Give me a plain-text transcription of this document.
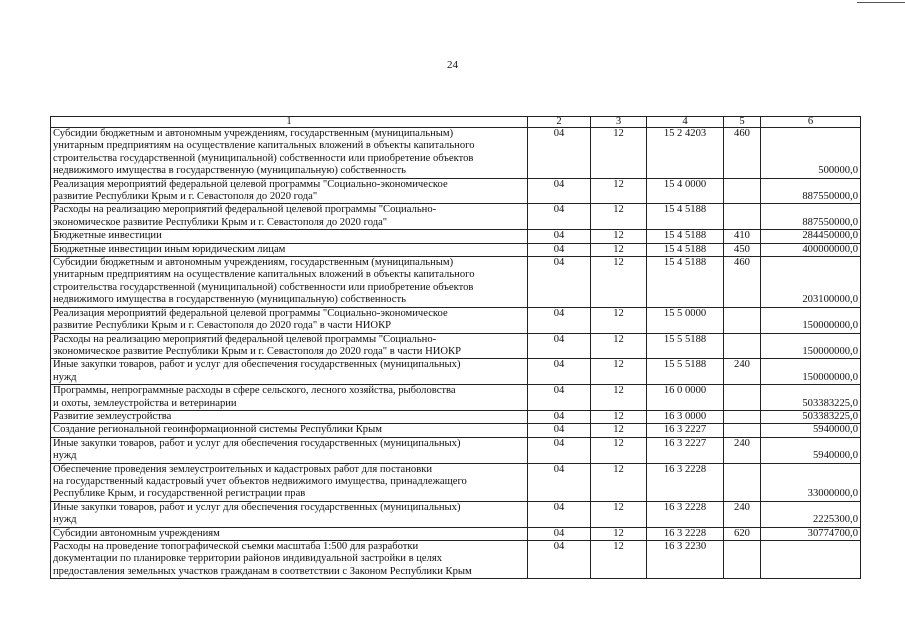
24
1	2	3	4	5	6
Субсидии бюджетным и автономным учреждениям, государственным (муниципальным)
унитарным предприятиям на осуществление капитальных вложений в объекты капитального
строительства государственной (муниципальной) собственности или приобретение объектов
недвижимого имущества в государственную (муниципальную) собственность	04	12	15 2 4203	460	500000,0
Реализация мероприятий федеральной целевой программы "Социально-экономическое
развитие Республики Крым и г. Севастополя до 2020 года"	04	12	15 4 0000		887550000,0
Расходы на реализацию мероприятий федеральной целевой программы "Социально-
экономическое развитие Республики Крым и г. Севастополя до 2020 года"	04	12	15 4 5188		887550000,0
Бюджетные инвестиции	04	12	15 4 5188	410	284450000,0
Бюджетные инвестиции иным юридическим лицам	04	12	15 4 5188	450	400000000,0
Субсидии бюджетным и автономным учреждениям, государственным (муниципальным)
унитарным предприятиям на осуществление капитальных вложений в объекты капитального
строительства государственной (муниципальной) собственности или приобретение объектов
недвижимого имущества в государственную (муниципальную) собственность	04	12	15 4 5188	460	203100000,0
Реализация мероприятий федеральной целевой программы "Социально-экономическое
развитие Республики Крым и г. Севастополя до 2020 года" в части НИОКР	04	12	15 5 0000		150000000,0
Расходы на реализацию мероприятий федеральной целевой программы "Социально-
экономическое развитие Республики Крым и г. Севастополя до 2020 года" в части НИОКР	04	12	15 5 5188		150000000,0
Иные закупки товаров, работ и услуг для обеспечения государственных (муниципальных)
нужд	04	12	15 5 5188	240	150000000,0
Программы, непрограммные расходы в сфере сельского, лесного хозяйства, рыболовства
и охоты, землеустройства и ветеринарии	04	12	16 0 0000		503383225,0
Развитие землеустройства	04	12	16 3 0000		503383225,0
Создание региональной геоинформационной системы Республики Крым	04	12	16 3 2227		5940000,0
Иные закупки товаров, работ и услуг для обеспечения государственных (муниципальных)
нужд	04	12	16 3 2227	240	5940000,0
Обеспечение проведения землеустроительных и кадастровых работ для постановки
на государственный кадастровый учет объектов недвижимого имущества, принадлежащего
Республике Крым, и государственной регистрации прав	04	12	16 3 2228		33000000,0
Иные закупки товаров, работ и услуг для обеспечения государственных (муниципальных)
нужд	04	12	16 3 2228	240	2225300,0
Субсидии автономным учреждениям	04	12	16 3 2228	620	30774700,0
Расходы на проведение топографической съемки масштаба 1:500 для разработки
документации по планировке территории районов индивидуальной застройки в целях
предоставления земельных участков гражданам в соответствии с Законом Республики Крым	04	12	16 3 2230		
